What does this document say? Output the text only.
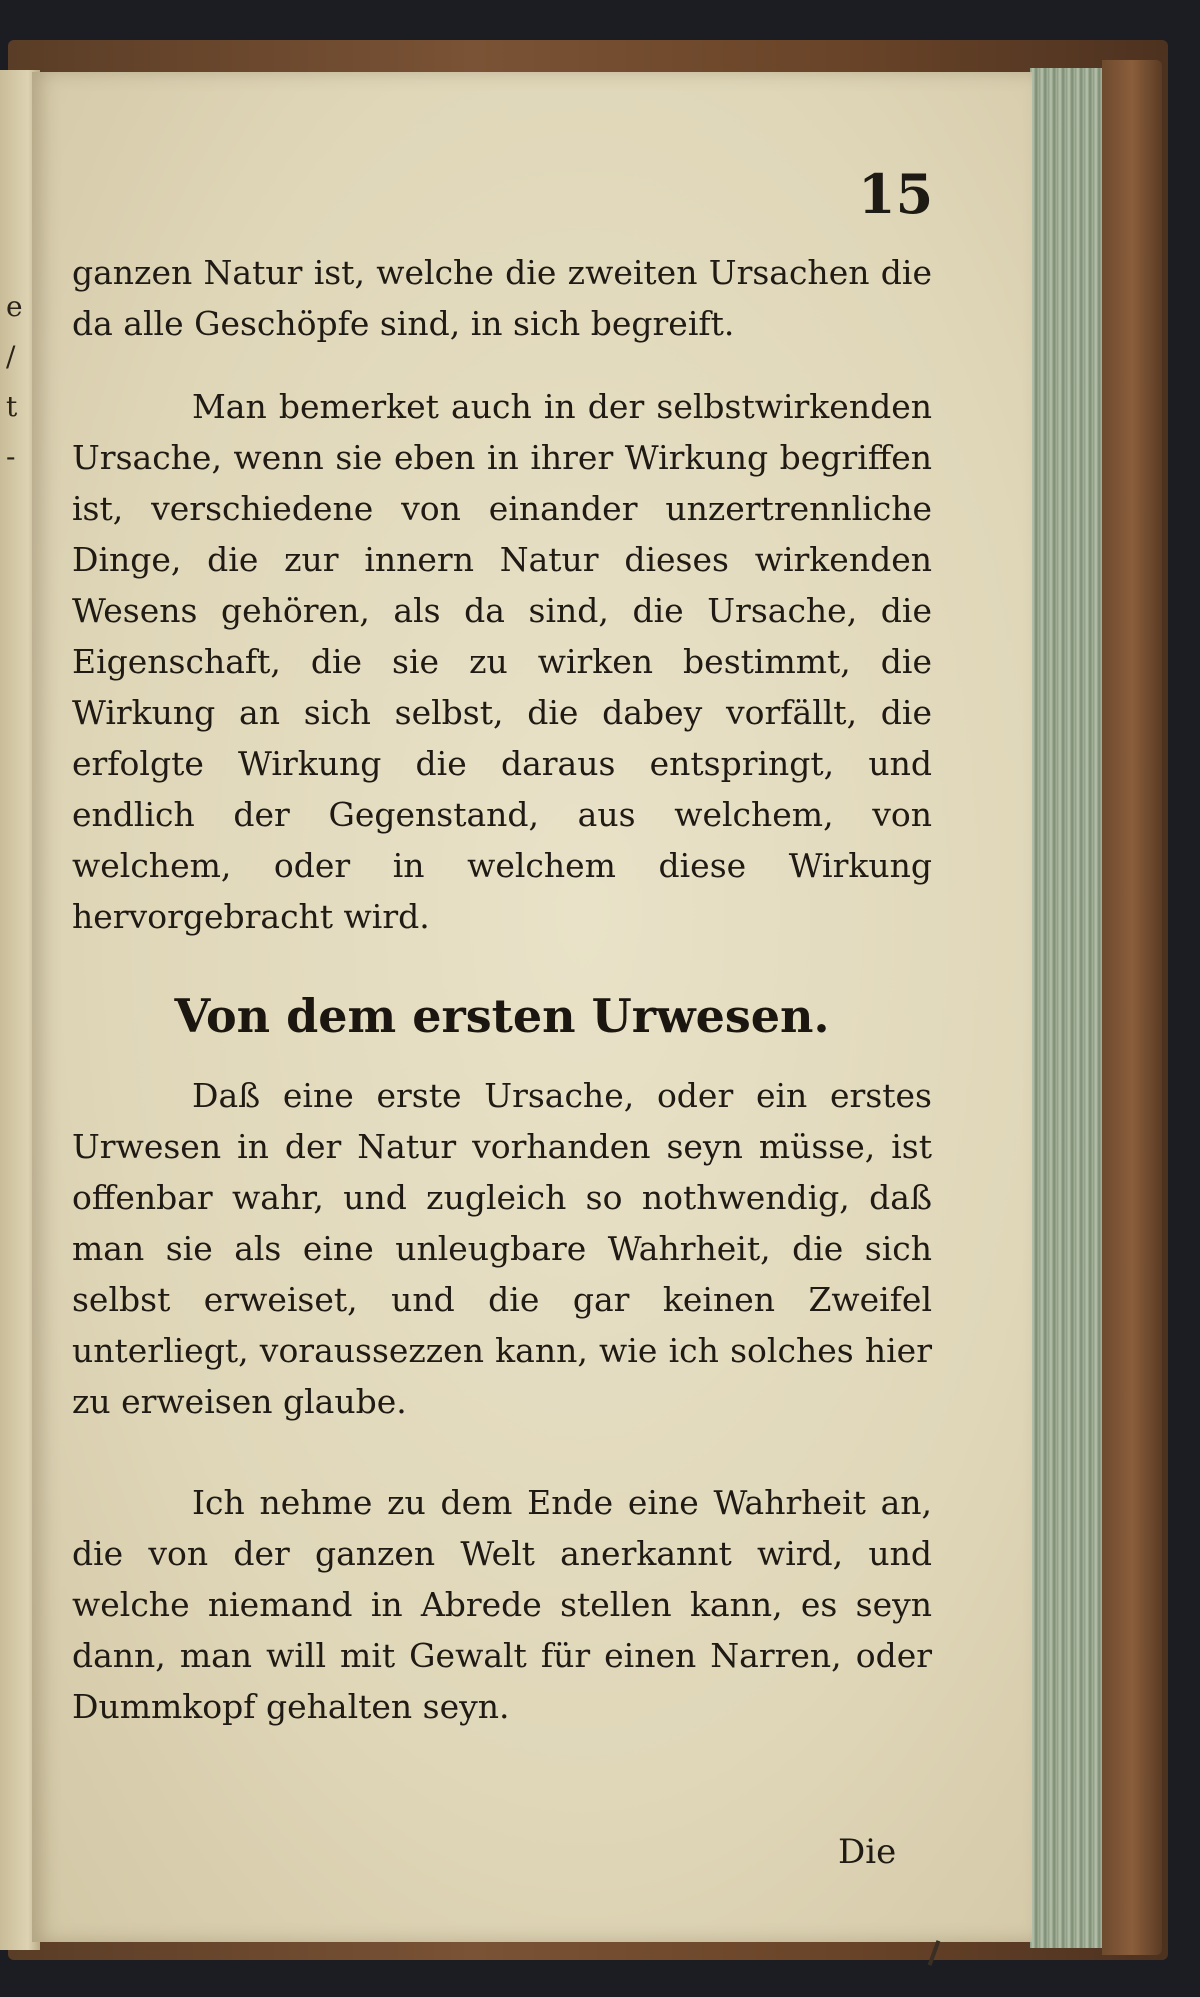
e
/
t
-

15

ganzen Natur ist, welche die zweiten Ursachen die da alle Geschöpfe sind, in sich begreift.

Man bemerket auch in der selbstwirkenden Ursache, wenn sie eben in ihrer Wirkung begriffen ist, verschiedene von einander unzertrennliche Dinge, die zur innern Natur dieses wirkenden Wesens gehören, als da sind, die Ursache, die Eigenschaft, die sie zu wirken bestimmt, die Wirkung an sich selbst, die dabey vorfällt, die erfolgte Wirkung die daraus entspringt, und endlich der Gegenstand, aus welchem, von welchem, oder in welchem diese Wirkung hervorgebracht wird.

Von dem ersten Urwesen.

Daß eine erste Ursache, oder ein erstes Urwesen in der Natur vorhanden seyn müsse, ist offenbar wahr, und zugleich so nothwendig, daß man sie als eine unleugbare Wahrheit, die sich selbst erweiset, und die gar keinen Zweifel unterliegt, voraussezzen kann, wie ich solches hier zu erweisen glaube.

Ich nehme zu dem Ende eine Wahrheit an, die von der ganzen Welt anerkannt wird, und welche niemand in Abrede stellen kann, es seyn dann, man will mit Gewalt für einen Narren, oder Dummkopf gehalten seyn.

Die
